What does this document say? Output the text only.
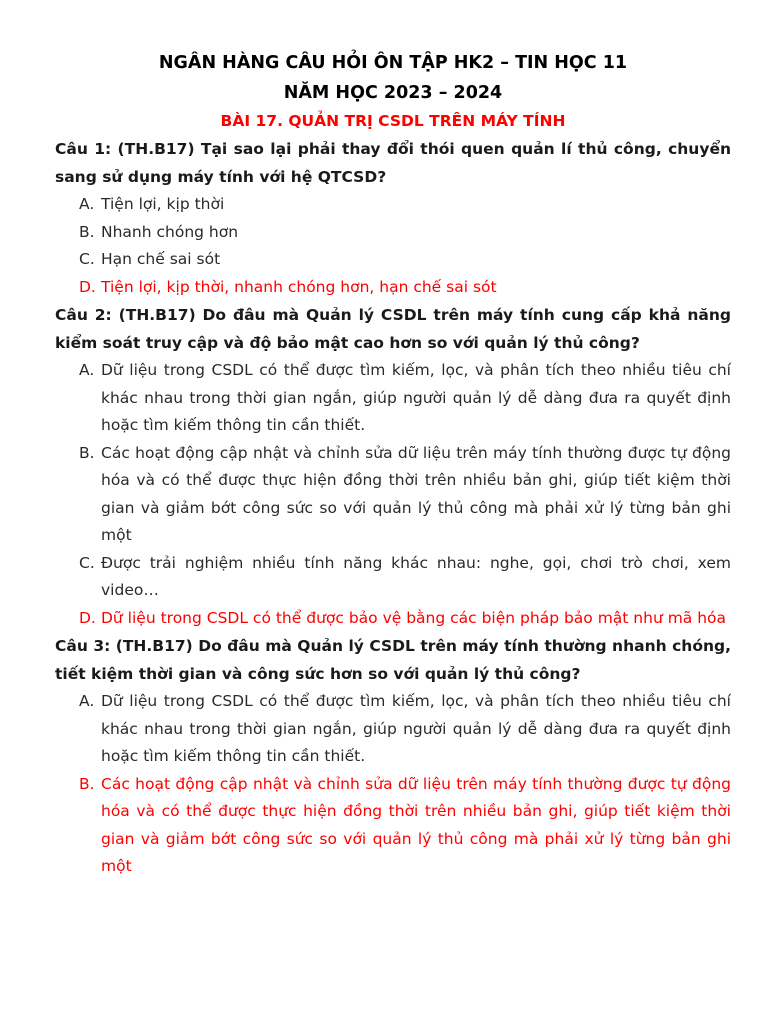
NGÂN HÀNG CÂU HỎI ÔN TẬP HK2 – TIN HỌC 11
NĂM HỌC 2023 – 2024
BÀI 17. QUẢN TRỊ CSDL TRÊN MÁY TÍNH
Câu 1: (TH.B17) Tại sao lại phải thay đổi thói quen quản lí thủ công, chuyển sang sử dụng máy tính với hệ QTCSD?
A. Tiện lợi, kịp thời
B. Nhanh chóng hơn
C. Hạn chế sai sót
D. Tiện lợi, kịp thời, nhanh chóng hơn, hạn chế sai sót
Câu 2: (TH.B17) Do đâu mà Quản lý CSDL trên máy tính cung cấp khả năng kiểm soát truy cập và độ bảo mật cao hơn so với quản lý thủ công?
A. Dữ liệu trong CSDL có thể được tìm kiếm, lọc, và phân tích theo nhiều tiêu chí khác nhau trong thời gian ngắn, giúp người quản lý dễ dàng đưa ra quyết định hoặc tìm kiếm thông tin cần thiết.
B. Các hoạt động cập nhật và chỉnh sửa dữ liệu trên máy tính thường được tự động hóa và có thể được thực hiện đồng thời trên nhiều bản ghi, giúp tiết kiệm thời gian và giảm bớt công sức so với quản lý thủ công mà phải xử lý từng bản ghi một
C. Được trải nghiệm nhiều tính năng khác nhau: nghe, gọi, chơi trò chơi, xem video…
D. Dữ liệu trong CSDL có thể được bảo vệ bằng các biện pháp bảo mật như mã hóa
Câu 3: (TH.B17) Do đâu mà Quản lý CSDL trên máy tính thường nhanh chóng, tiết kiệm thời gian và công sức hơn so với quản lý thủ công?
A. Dữ liệu trong CSDL có thể được tìm kiếm, lọc, và phân tích theo nhiều tiêu chí khác nhau trong thời gian ngắn, giúp người quản lý dễ dàng đưa ra quyết định hoặc tìm kiếm thông tin cần thiết.
B. Các hoạt động cập nhật và chỉnh sửa dữ liệu trên máy tính thường được tự động hóa và có thể được thực hiện đồng thời trên nhiều bản ghi, giúp tiết kiệm thời gian và giảm bớt công sức so với quản lý thủ công mà phải xử lý từng bản ghi một
